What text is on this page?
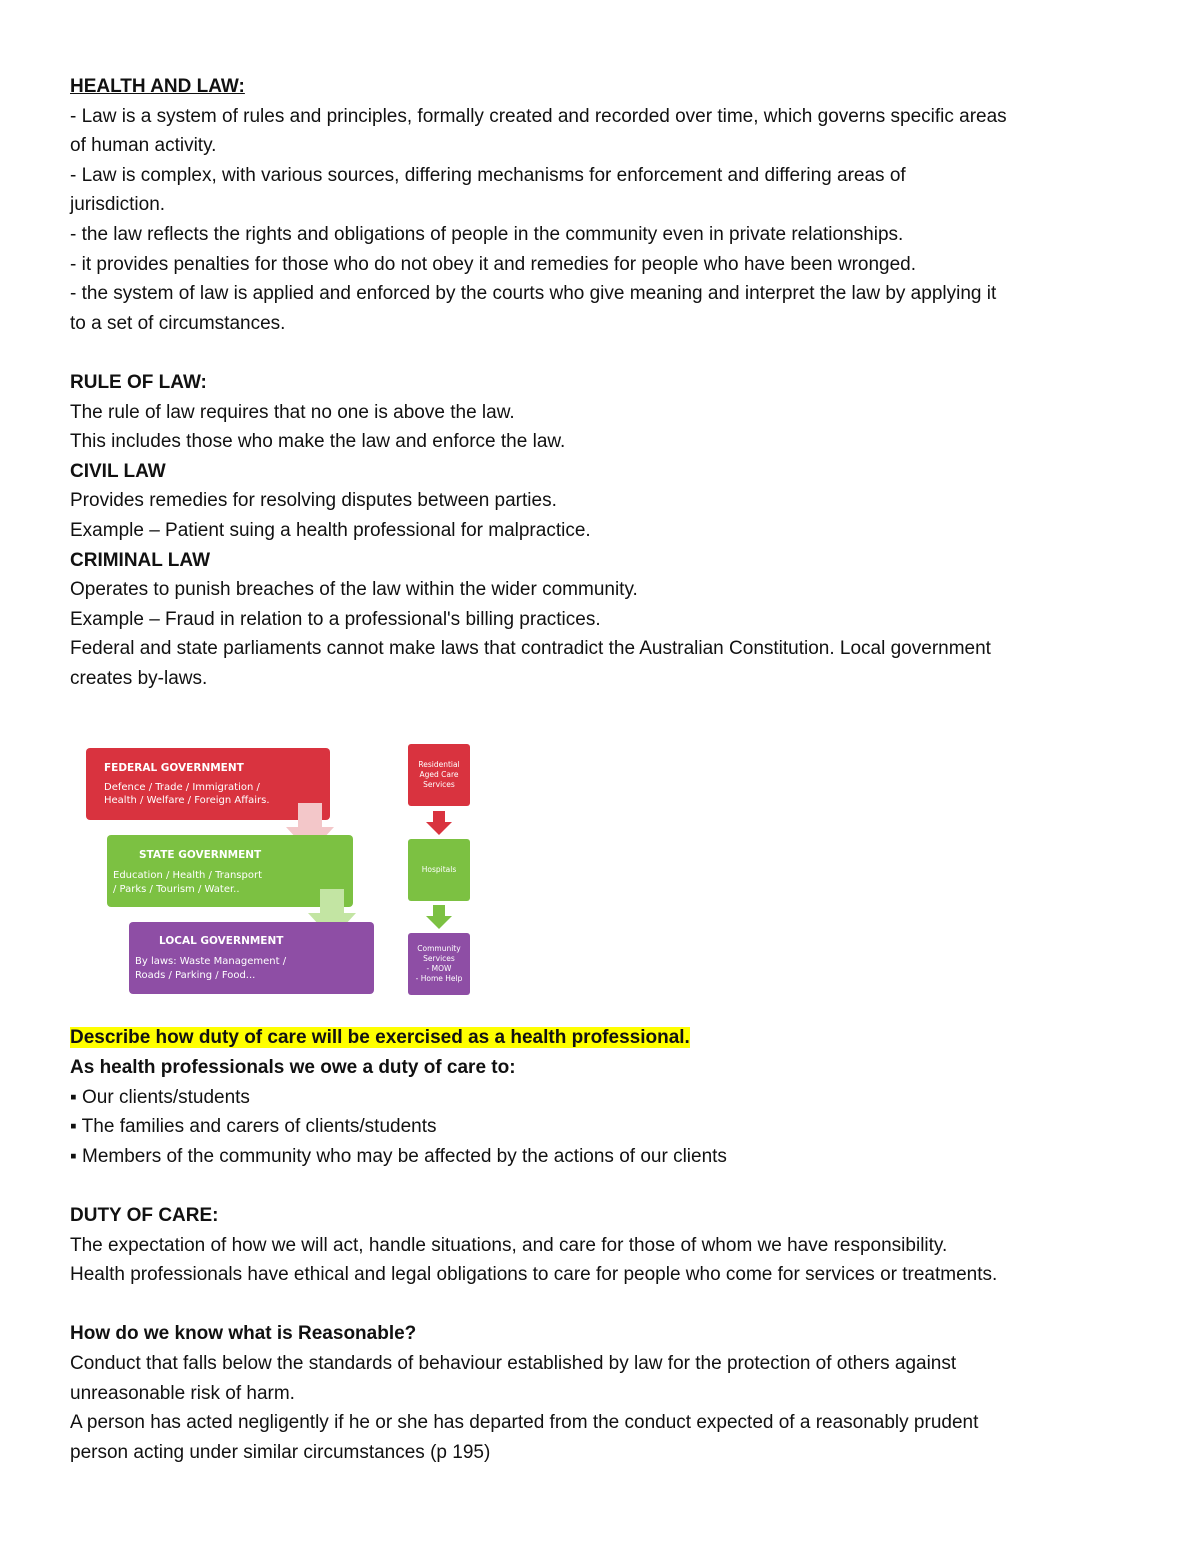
HEALTH AND LAW:
- Law is a system of rules and principles, formally created and recorded over time, which governs specific areas
of human activity.
- Law is complex, with various sources, differing mechanisms for enforcement and differing areas of
jurisdiction.
- the law reflects the rights and obligations of people in the community even in private relationships.
- it provides penalties for those who do not obey it and remedies for people who have been wronged.
- the system of law is applied and enforced by the courts who give meaning and interpret the law by applying it
to a set of circumstances.
RULE OF LAW:
The rule of law requires that no one is above the law.
This includes those who make the law and enforce the law.
CIVIL LAW
Provides remedies for resolving disputes between parties.
Example – Patient suing a health professional for malpractice.
CRIMINAL LAW
Operates to punish breaches of the law within the wider community.
Example – Fraud in relation to a professional's billing practices.
Federal and state parliaments cannot make laws that contradict the Australian Constitution. Local government
creates by-laws.
FEDERAL GOVERNMENT
Defence / Trade / Immigration /
Health / Welfare / Foreign Affairs.
STATE GOVERNMENT
Education / Health / Transport
/ Parks / Tourism / Water..
LOCAL GOVERNMENT
By laws: Waste Management /
Roads / Parking / Food...
Residential
Aged Care
Services
Hospitals
Community
Services
- MOW
- Home Help
Describe how duty of care will be exercised as a health professional.
As health professionals we owe a duty of care to:
▪ Our clients/students
▪ The families and carers of clients/students
▪ Members of the community who may be affected by the actions of our clients
DUTY OF CARE:
The expectation of how we will act, handle situations, and care for those of whom we have responsibility.
Health professionals have ethical and legal obligations to care for people who come for services or treatments.
How do we know what is Reasonable?
Conduct that falls below the standards of behaviour established by law for the protection of others against
unreasonable risk of harm.
A person has acted negligently if he or she has departed from the conduct expected of a reasonably prudent
person acting under similar circumstances (p 195)
